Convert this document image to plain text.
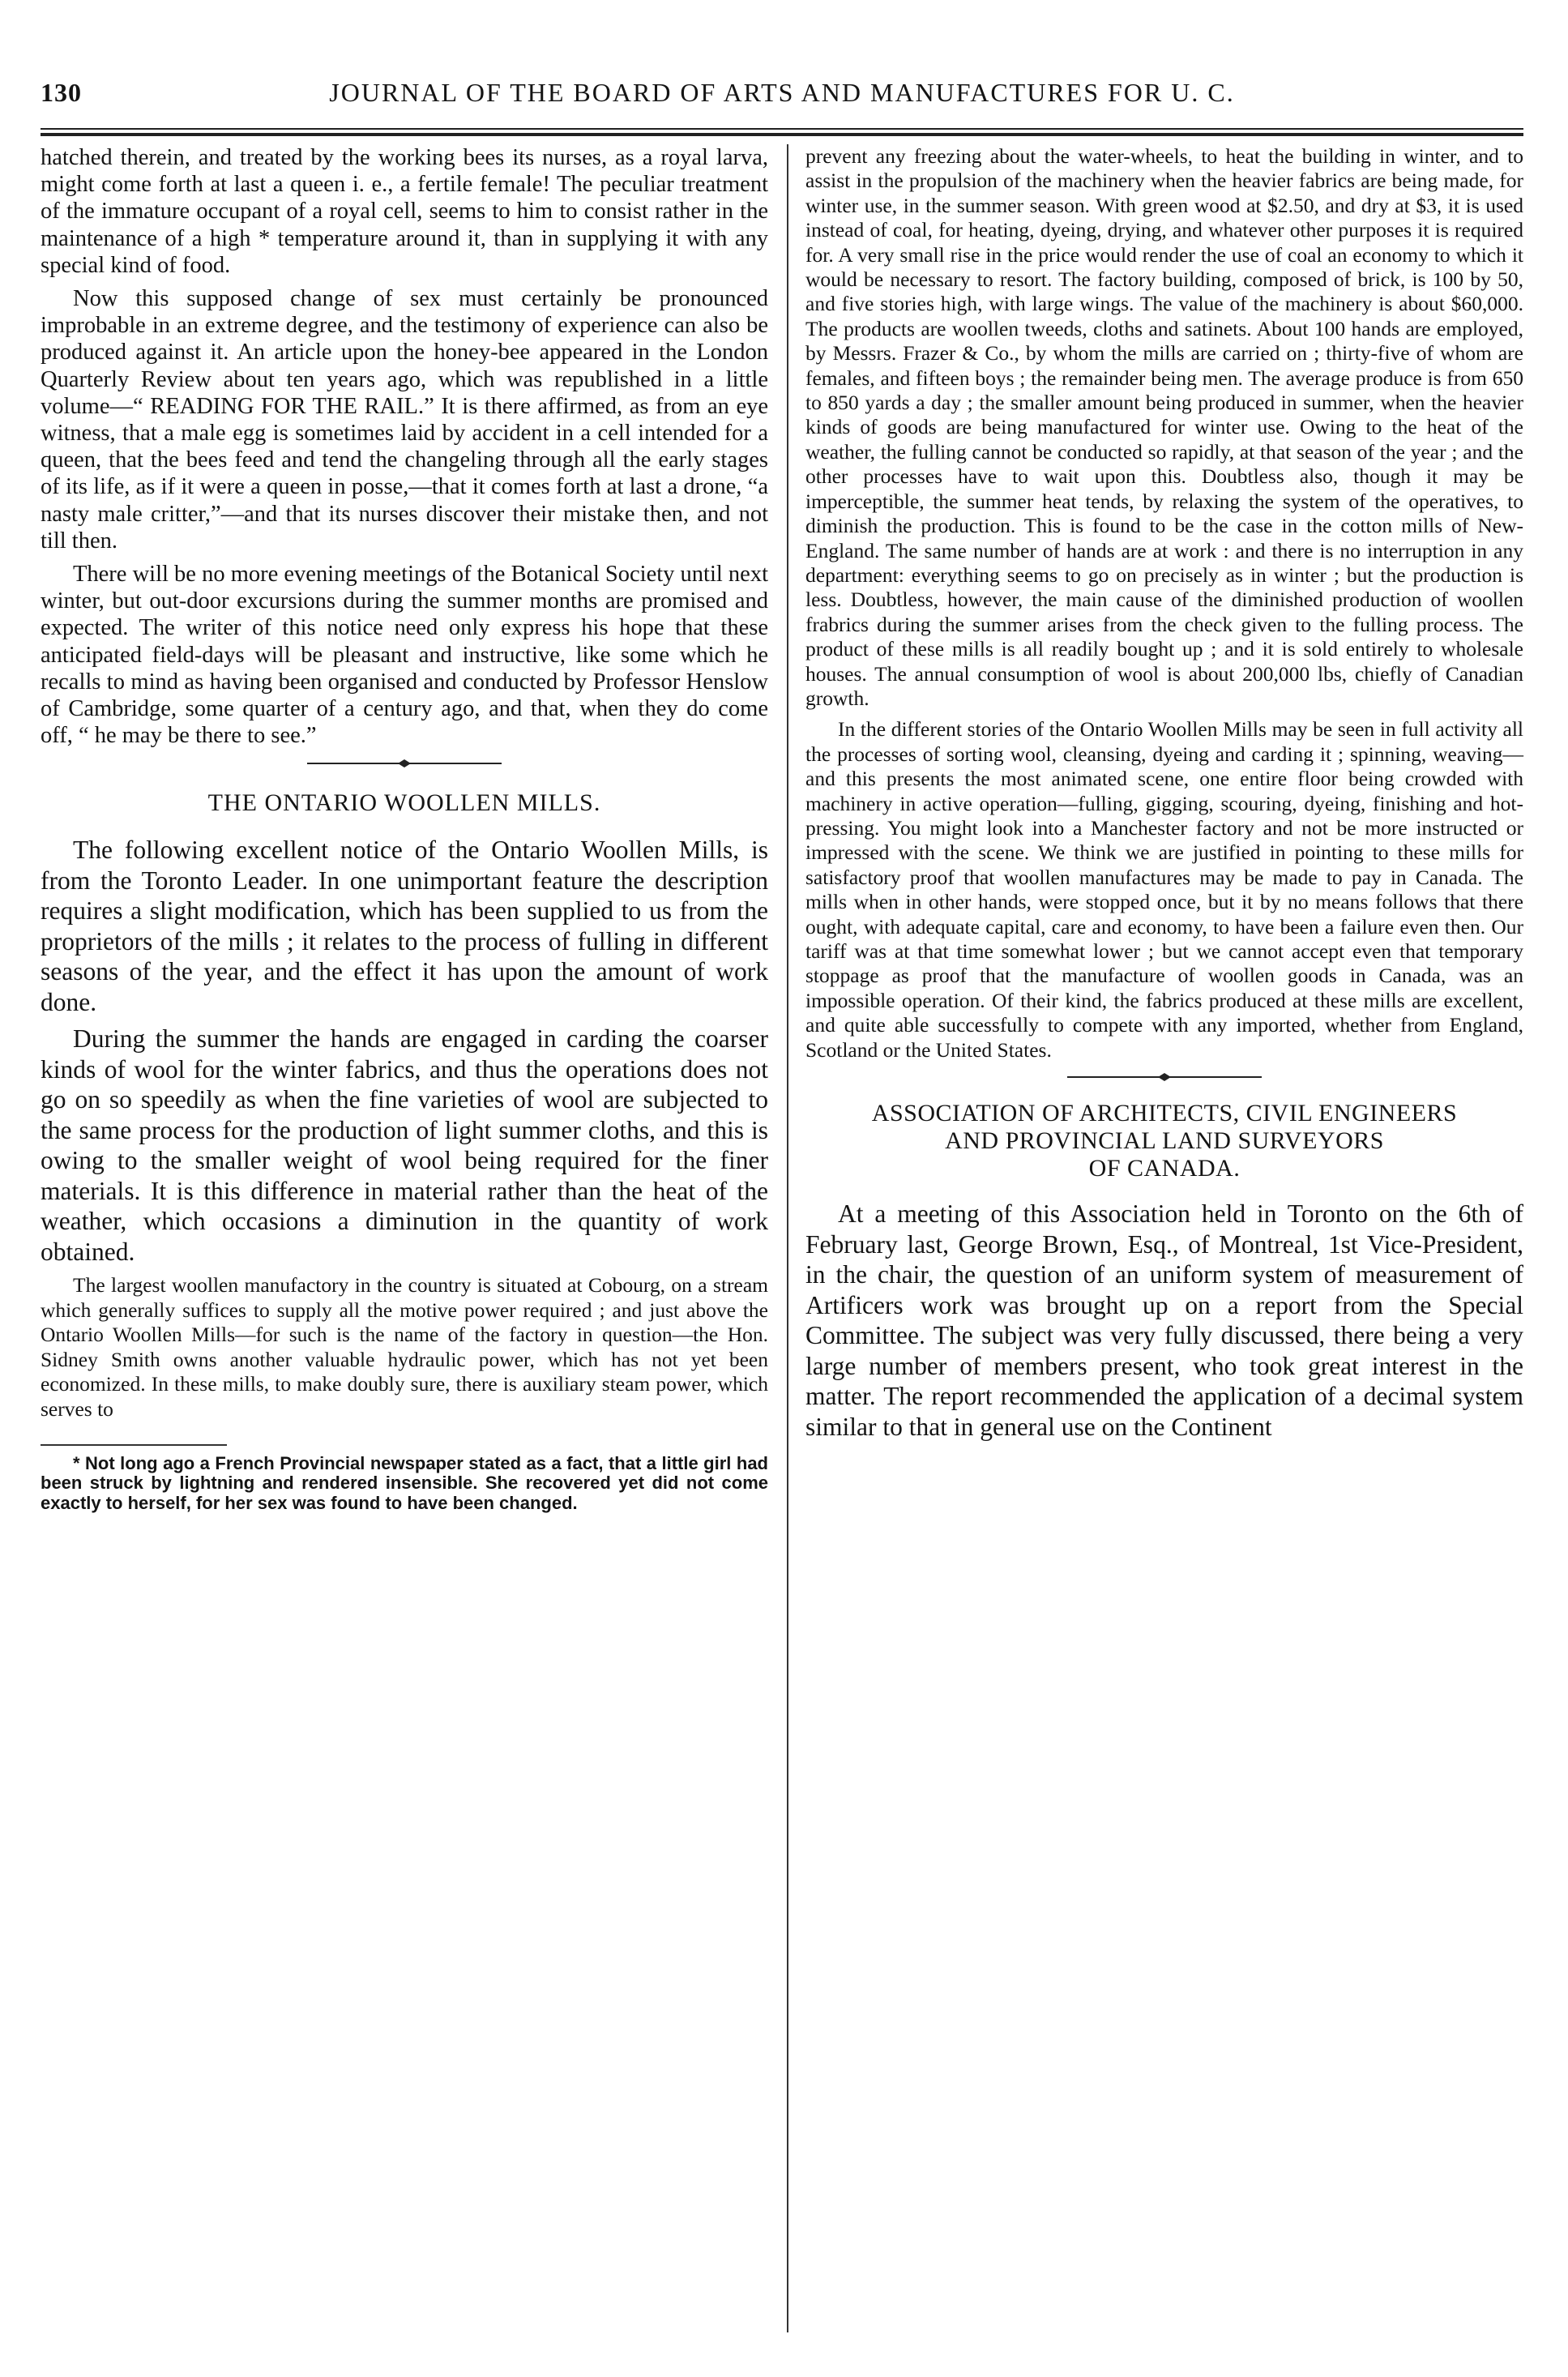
130	JOURNAL OF THE BOARD OF ARTS AND MANUFACTURES FOR U. C.

hatched therein, and treated by the working bees its nurses, as a royal larva, might come forth at last a queen i. e., a fertile female! The peculiar treatment of the immature occupant of a royal cell, seems to him to consist rather in the maintenance of a high * temperature around it, than in supplying it with any special kind of food.

Now this supposed change of sex must certainly be pronounced improbable in an extreme degree, and the testimony of experience can also be produced against it. An article upon the honey-bee appeared in the London Quarterly Review about ten years ago, which was republished in a little volume—“ READING FOR THE RAIL.” It is there affirmed, as from an eye witness, that a male egg is sometimes laid by accident in a cell intended for a queen, that the bees feed and tend the changeling through all the early stages of its life, as if it were a queen in posse,—that it comes forth at last a drone, “a nasty male critter,”—and that its nurses discover their mistake then, and not till then.

There will be no more evening meetings of the Botanical Society until next winter, but out-door excursions during the summer months are promised and expected. The writer of this notice need only express his hope that these anticipated field-days will be pleasant and instructive, like some which he recalls to mind as having been organised and conducted by Professor Henslow of Cambridge, some quarter of a century ago, and that, when they do come off, “ he may be there to see.”

THE ONTARIO WOOLLEN MILLS.

The following excellent notice of the Ontario Woollen Mills, is from the Toronto Leader. In one unimportant feature the description requires a slight modification, which has been supplied to us from the proprietors of the mills ; it relates to the process of fulling in different seasons of the year, and the effect it has upon the amount of work done.

During the summer the hands are engaged in carding the coarser kinds of wool for the winter fabrics, and thus the operations does not go on so speedily as when the fine varieties of wool are subjected to the same process for the production of light summer cloths, and this is owing to the smaller weight of wool being required for the finer materials. It is this difference in material rather than the heat of the weather, which occasions a diminution in the quantity of work obtained.

The largest woollen manufactory in the country is situated at Cobourg, on a stream which generally suffices to supply all the motive power required ; and just above the Ontario Woollen Mills—for such is the name of the factory in question—the Hon. Sidney Smith owns another valuable hydraulic power, which has not yet been economized. In these mills, to make doubly sure, there is auxiliary steam power, which serves to

* Not long ago a French Provincial newspaper stated as a fact, that a little girl had been struck by lightning and rendered insensible. She recovered yet did not come exactly to herself, for her sex was found to have been changed.

prevent any freezing about the water-wheels, to heat the building in winter, and to assist in the propulsion of the machinery when the heavier fabrics are being made, for winter use, in the summer season. With green wood at $2.50, and dry at $3, it is used instead of coal, for heating, dyeing, drying, and whatever other purposes it is required for. A very small rise in the price would render the use of coal an economy to which it would be necessary to resort. The factory building, composed of brick, is 100 by 50, and five stories high, with large wings. The value of the machinery is about $60,000. The products are woollen tweeds, cloths and satinets. About 100 hands are employed, by Messrs. Frazer & Co., by whom the mills are carried on ; thirty-five of whom are females, and fifteen boys ; the remainder being men. The average produce is from 650 to 850 yards a day ; the smaller amount being produced in summer, when the heavier kinds of goods are being manufactured for winter use. Owing to the heat of the weather, the fulling cannot be conducted so rapidly, at that season of the year ; and the other processes have to wait upon this. Doubtless also, though it may be imperceptible, the summer heat tends, by relaxing the system of the operatives, to diminish the production. This is found to be the case in the cotton mills of New-England. The same number of hands are at work : and there is no interruption in any department: everything seems to go on precisely as in winter ; but the production is less. Doubtless, however, the main cause of the diminished production of woollen frabrics during the summer arises from the check given to the fulling process. The product of these mills is all readily bought up ; and it is sold entirely to wholesale houses. The annual consumption of wool is about 200,000 lbs, chiefly of Canadian growth.

In the different stories of the Ontario Woollen Mills may be seen in full activity all the processes of sorting wool, cleansing, dyeing and carding it ; spinning, weaving—and this presents the most animated scene, one entire floor being crowded with machinery in active operation—fulling, gigging, scouring, dyeing, finishing and hot-pressing. You might look into a Manchester factory and not be more instructed or impressed with the scene. We think we are justified in pointing to these mills for satisfactory proof that woollen manufactures may be made to pay in Canada. The mills when in other hands, were stopped once, but it by no means follows that there ought, with adequate capital, care and economy, to have been a failure even then. Our tariff was at that time somewhat lower ; but we cannot accept even that temporary stoppage as proof that the manufacture of woollen goods in Canada, was an impossible operation. Of their kind, the fabrics produced at these mills are excellent, and quite able successfully to compete with any imported, whether from England, Scotland or the United States.

ASSOCIATION OF ARCHITECTS, CIVIL ENGINEERS
AND PROVINCIAL LAND SURVEYORS
OF CANADA.

At a meeting of this Association held in Toronto on the 6th of February last, George Brown, Esq., of Montreal, 1st Vice-President, in the chair, the question of an uniform system of measurement of Artificers work was brought up on a report from the Special Committee. The subject was very fully discussed, there being a very large number of members present, who took great interest in the matter. The report recommended the application of a decimal system similar to that in general use on the Continent
